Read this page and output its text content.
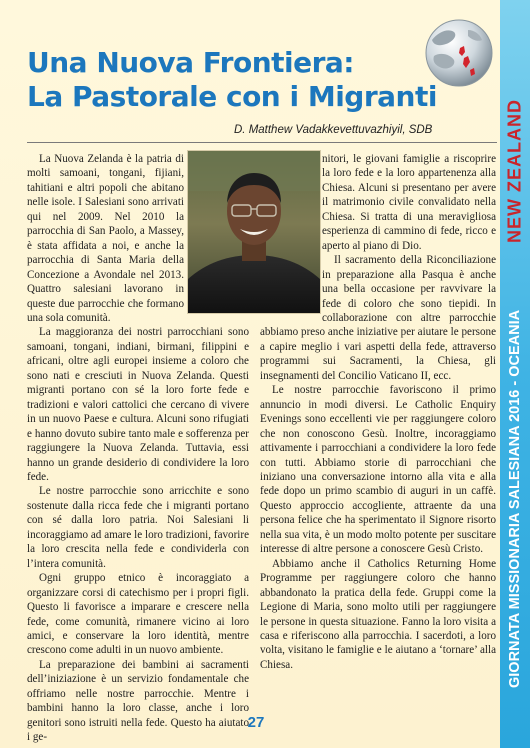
NEW ZEALAND
GIORNATA MISSIONARIA SALESIANA 2016 - OCEANIA
Una Nuova Frontiera:
La Pastorale con i Migranti
D. Matthew Vadakkevettuvazhiyil, SDB

La Nuova Zelanda è la patria di molti samoani, tongani, fijiani, tahitiani e altri popoli che abitano nelle isole. I Salesiani sono arrivati qui nel 2009. Nel 2010 la parrocchia di San Paolo, a Massey, è stata affidata a noi, e anche la parrocchia di Santa Maria della Concezione a Avondale nel 2013. Quattro salesiani lavorano in queste due parrocchie che formano una sola comunità.

La maggioranza dei nostri parrocchiani sono samoani, tongani, indiani, birmani, filippini e africani, oltre agli europei insieme a coloro che sono nati e cresciuti in Nuova Zelanda. Questi migranti portano con sé la loro forte fede e tradizioni e valori cattolici che cercano di vivere in un nuovo Paese e cultura. Alcuni sono rifugiati e hanno dovuto subire tanto male e sofferenza per raggiungere la Nuova Zelanda. Tuttavia, essi hanno un grande desiderio di condividere la loro fede.

Le nostre parrocchie sono arricchite e sono sostenute dalla ricca fede che i migranti portano con sé dalla loro patria. Noi Salesiani li incoraggiamo ad amare le loro tradizioni, favorire la loro crescita nella fede e condividerla con l’intera comunità.

Ogni gruppo etnico è incoraggiato a organizzare corsi di catechismo per i propri figli. Questo li favorisce a imparare e crescere nella fede, come comunità, rimanere vicino ai loro amici, e conservare la loro identità, mentre crescono come adulti in un nuovo ambiente.

La preparazione dei bambini ai sacramenti dell’iniziazione è un servizio fondamentale che offriamo nelle nostre parrocchie. Mentre i bambini hanno la loro classe, anche i loro genitori sono istruiti nella fede. Questo ha aiutato i ge-

nitori, le giovani famiglie a riscoprire la loro fede e la loro appartenenza alla Chiesa. Alcuni si presentano per avere il matrimonio civile convalidato nella Chiesa. Si tratta di una meravigliosa esperienza di cammino di fede, ricco e aperto al piano di Dio.

Il sacramento della Riconciliazione in preparazione alla Pasqua è anche una bella occasione per ravvivare la fede di coloro che sono tiepidi. In collaborazione con altre parrocchie abbiamo preso anche iniziative per aiutare le persone a capire meglio i vari aspetti della fede, attraverso programmi sui Sacramenti, la Chiesa, gli insegnamenti del Concilio Vaticano II, ecc.

Le nostre parrocchie favoriscono il primo annuncio in modi diversi. Le Catholic Enquiry Evenings sono eccellenti vie per raggiungere coloro che non conoscono Gesù. Inoltre, incoraggiamo attivamente i parrocchiani a condividere la loro fede con tutti. Abbiamo storie di parrocchiani che iniziano una conversazione intorno alla vita e alla fede dopo un primo scambio di auguri in un caffè. Questo approccio accogliente, attraente da una persona felice che ha sperimentato il Signore risorto nella sua vita, è un modo molto potente per suscitare interesse di altre persone a conoscere Gesù Cristo.

Abbiamo anche il Catholics Returning Home Programme per raggiungere coloro che hanno abbandonato la pratica della fede. Gruppi come la Legione di Maria, sono molto utili per raggiungere le persone in questa situazione. Fanno la loro visita a casa e riferiscono alla parrocchia. I sacerdoti, a loro volta, visitano le famiglie e le aiutano a ‘tornare’ alla Chiesa.

27
